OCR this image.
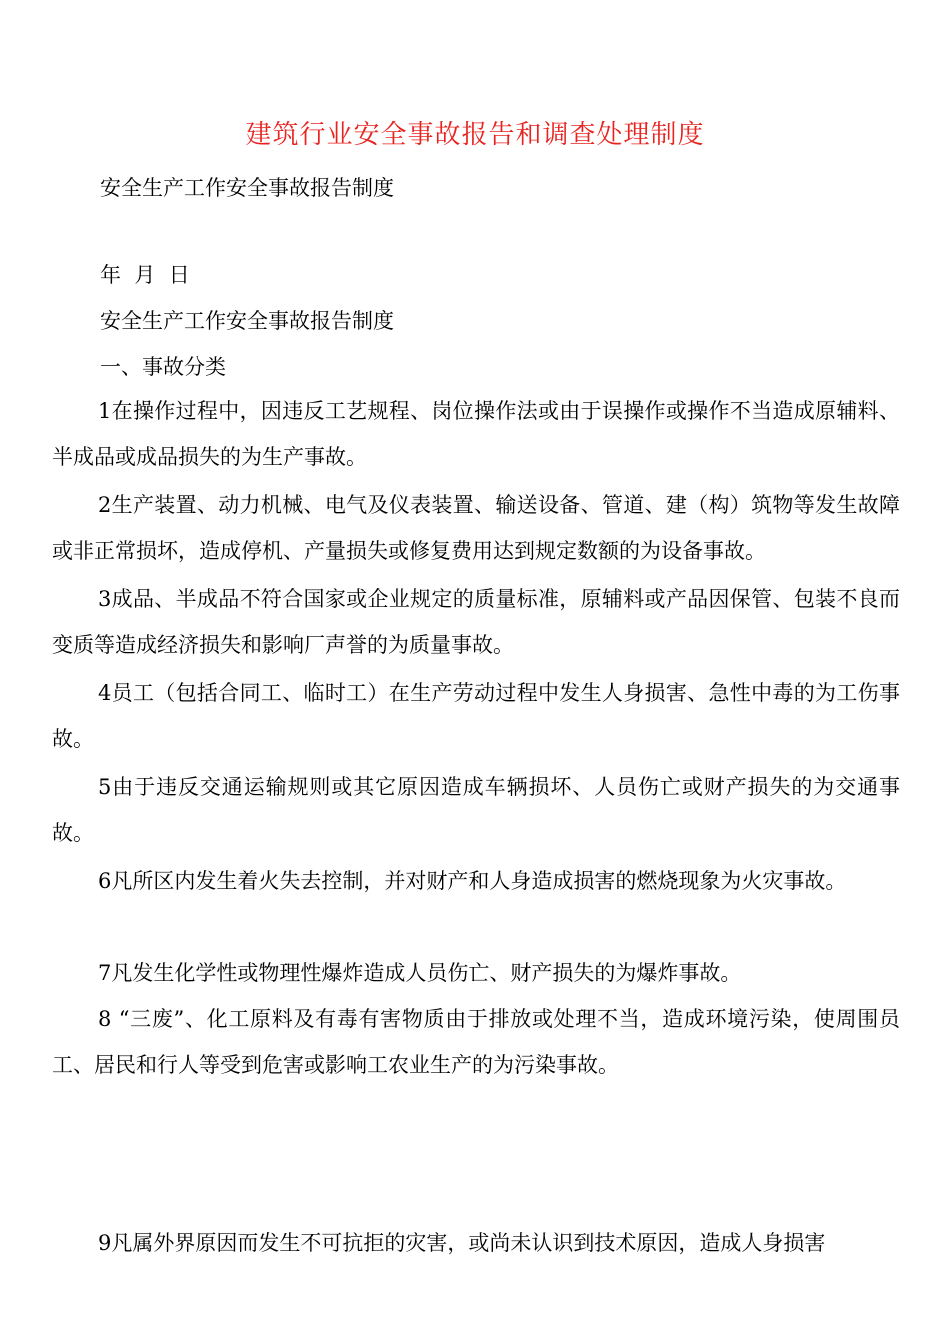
建筑行业安全事故报告和调查处理制度
安全生产工作安全事故报告制度
年  月  日
安全生产工作安全事故报告制度
一、事故分类
1在操作过程中，因违反工艺规程、岗位操作法或由于误操作或操作不当造成原辅料、半成品或成品损失的为生产事故。
2生产装置、动力机械、电气及仪表装置、输送设备、管道、建（构）筑物等发生故障或非正常损坏，造成停机、产量损失或修复费用达到规定数额的为设备事故。
3成品、半成品不符合国家或企业规定的质量标准，原辅料或产品因保管、包装不良而变质等造成经济损失和影响厂声誉的为质量事故。
4员工（包括合同工、临时工）在生产劳动过程中发生人身损害、急性中毒的为工伤事故。
5由于违反交通运输规则或其它原因造成车辆损坏、人员伤亡或财产损失的为交通事故。
6凡所区内发生着火失去控制，并对财产和人身造成损害的燃烧现象为火灾事故。
7凡发生化学性或物理性爆炸造成人员伤亡、财产损失的为爆炸事故。
8 “三废”、化工原料及有毒有害物质由于排放或处理不当，造成环境污染，使周围员工、居民和行人等受到危害或影响工农业生产的为污染事故。
9凡属外界原因而发生不可抗拒的灾害，或尚未认识到技术原因，造成人身损害
